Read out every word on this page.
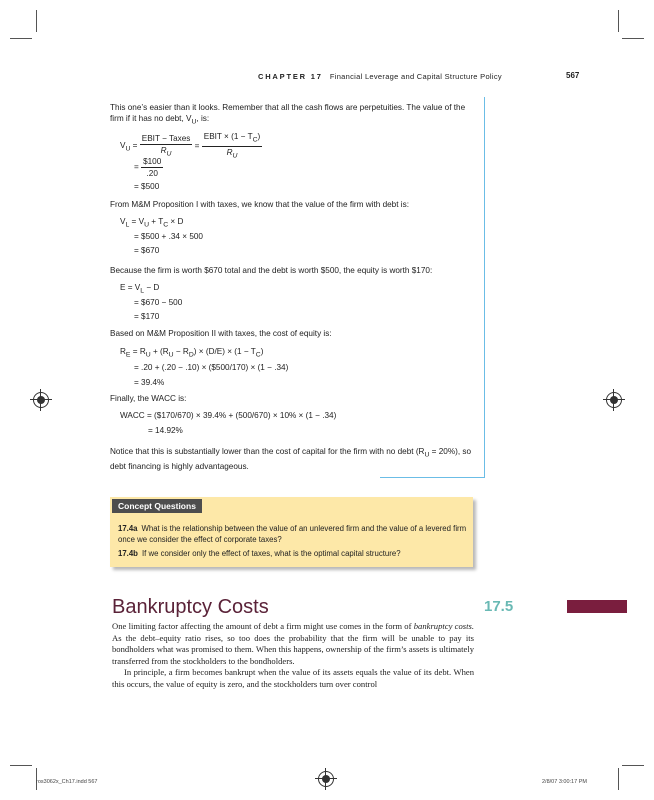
CHAPTER 17 Financial Leverage and Capital Structure Policy	567
This one’s easier than it looks. Remember that all the cash flows are perpetuities. The value of the firm if it has no debt, $V_U$, is:
$V_U = \frac{\text{EBIT − Taxes}}{R_U} = \frac{EBIT \times (1 - T_C)}{R_U}$
= $\frac{\$100}{.20}$
= $500
From M&M Proposition I with taxes, we know that the value of the firm with debt is:
$V_L = V_U + T_C \times D$
= $500 + .34 × 500
= $670
Because the firm is worth $670 total and the debt is worth $500, the equity is worth $170:
$E = V_L - D$
= $670 − 500
= $170
Based on M&M Proposition II with taxes, the cost of equity is:
$R_E = R_U + (R_U - R_D) \times (D/E) \times (1 - T_C)$
= .20 + (.20 − .10) × ($500/170) × (1 − .34)
= 39.4%
Finally, the WACC is:
WACC = ($170/670) × 39.4% + (500/670) × 10% × (1 − .34)
= 14.92%
Notice that this is substantially lower than the cost of capital for the firm with no debt $(R_U = 20\%)$, so debt financing is highly advantageous.
Concept Questions
17.4a What is the relationship between the value of an unlevered firm and the value of a levered firm once we consider the effect of corporate taxes?
17.4b If we consider only the effect of taxes, what is the optimal capital structure?
Bankruptcy Costs	17.5

One limiting factor affecting the amount of debt a firm might use comes in the form of bankruptcy costs. As the debt–equity ratio rises, so too does the probability that the firm will be unable to pay its bondholders what was promised to them. When this happens, ownership of the firm’s assets is ultimately transferred from the stockholders to the bondholders.

In principle, a firm becomes bankrupt when the value of its assets equals the value of its debt. When this occurs, the value of equity is zero, and the stockholders turn over control

ros3062x_Ch17.indd 567	2/8/07 3:00:17 PM
